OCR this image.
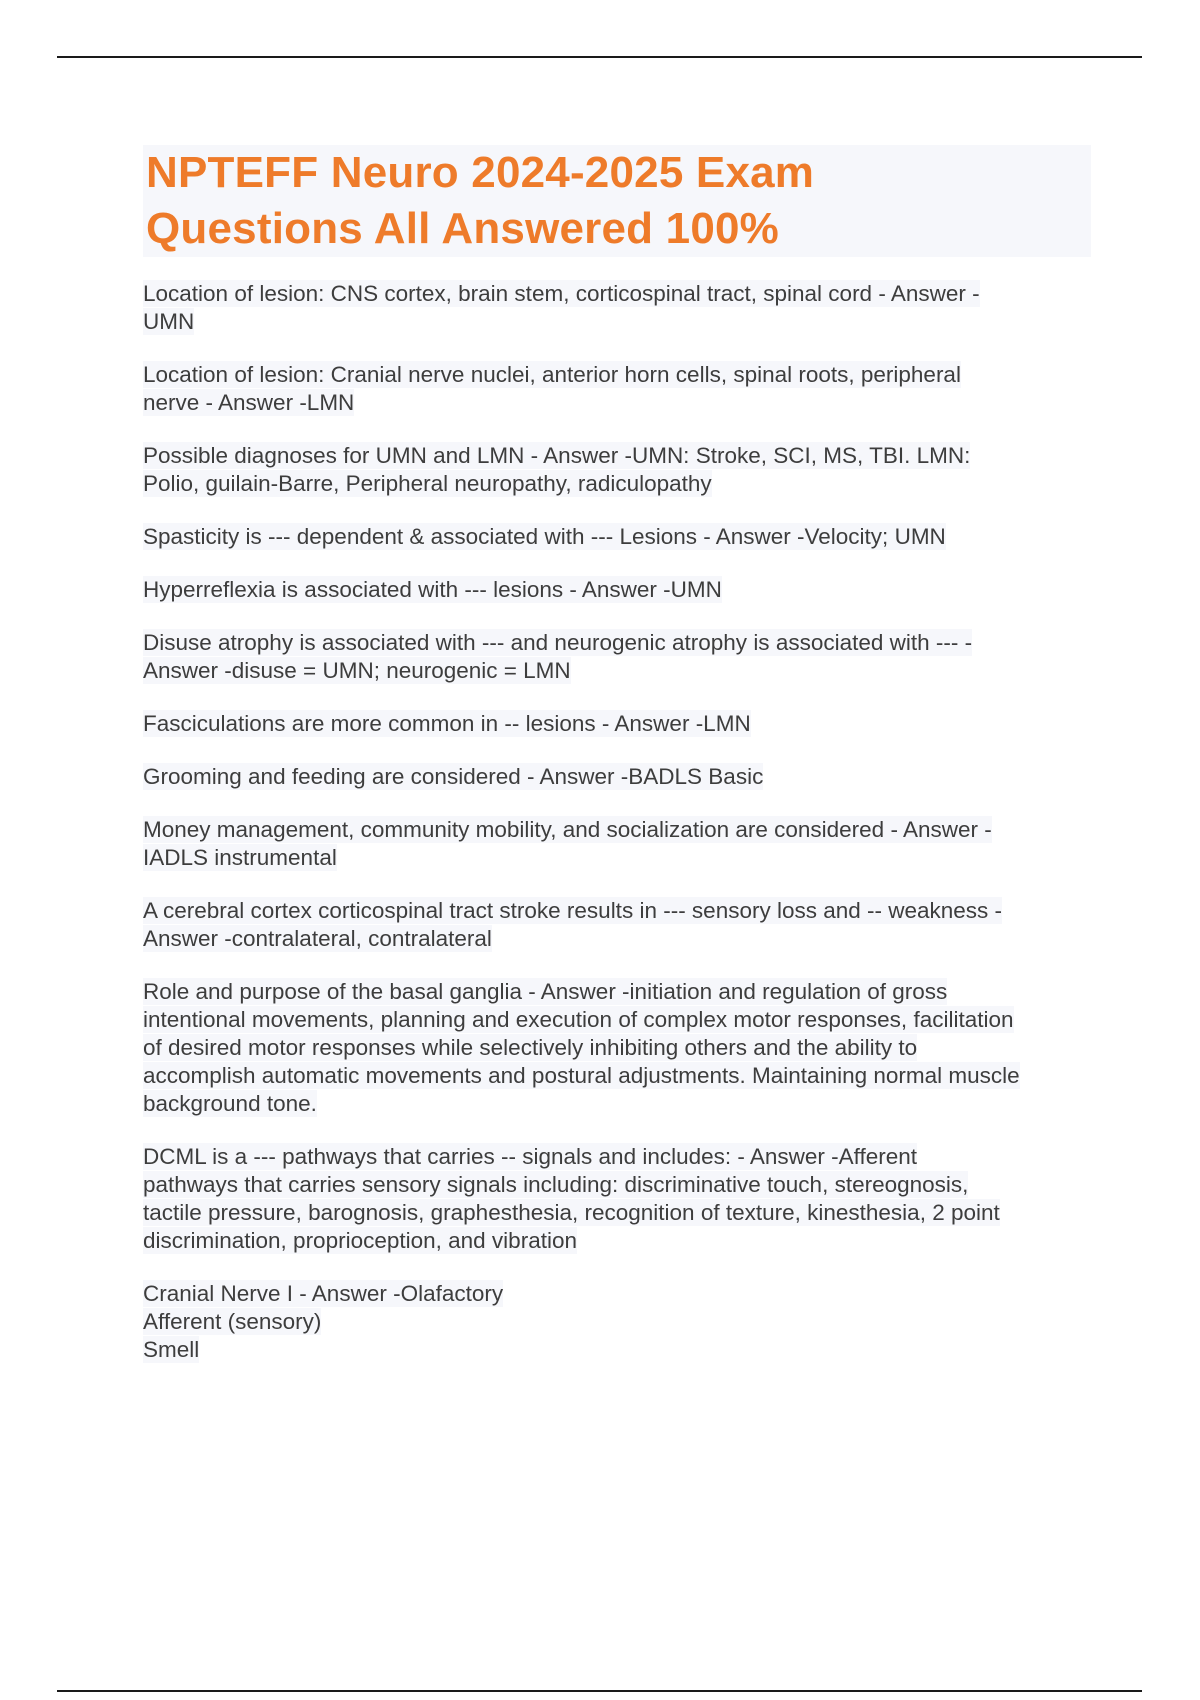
NPTEFF Neuro 2024-2025 Exam Questions All Answered 100%

Location of lesion: CNS cortex, brain stem, corticospinal tract, spinal cord - Answer -
UMN

Location of lesion: Cranial nerve nuclei, anterior horn cells, spinal roots, peripheral
nerve - Answer -LMN

Possible diagnoses for UMN and LMN - Answer -UMN: Stroke, SCI, MS, TBI. LMN:
Polio, guilain-Barre, Peripheral neuropathy, radiculopathy

Spasticity is --- dependent & associated with --- Lesions - Answer -Velocity; UMN

Hyperreflexia is associated with --- lesions - Answer -UMN

Disuse atrophy is associated with --- and neurogenic atrophy is associated with --- -
Answer -disuse = UMN; neurogenic = LMN

Fasciculations are more common in -- lesions - Answer -LMN

Grooming and feeding are considered - Answer -BADLS Basic

Money management, community mobility, and socialization are considered - Answer -
IADLS instrumental

A cerebral cortex corticospinal tract stroke results in --- sensory loss and -- weakness -
Answer -contralateral, contralateral

Role and purpose of the basal ganglia - Answer -initiation and regulation of gross
intentional movements, planning and execution of complex motor responses, facilitation
of desired motor responses while selectively inhibiting others and the ability to
accomplish automatic movements and postural adjustments. Maintaining normal muscle
background tone.

DCML is a --- pathways that carries -- signals and includes: - Answer -Afferent
pathways that carries sensory signals including: discriminative touch, stereognosis,
tactile pressure, barognosis, graphesthesia, recognition of texture, kinesthesia, 2 point
discrimination, proprioception, and vibration

Cranial Nerve I - Answer -Olafactory
Afferent (sensory)
Smell
